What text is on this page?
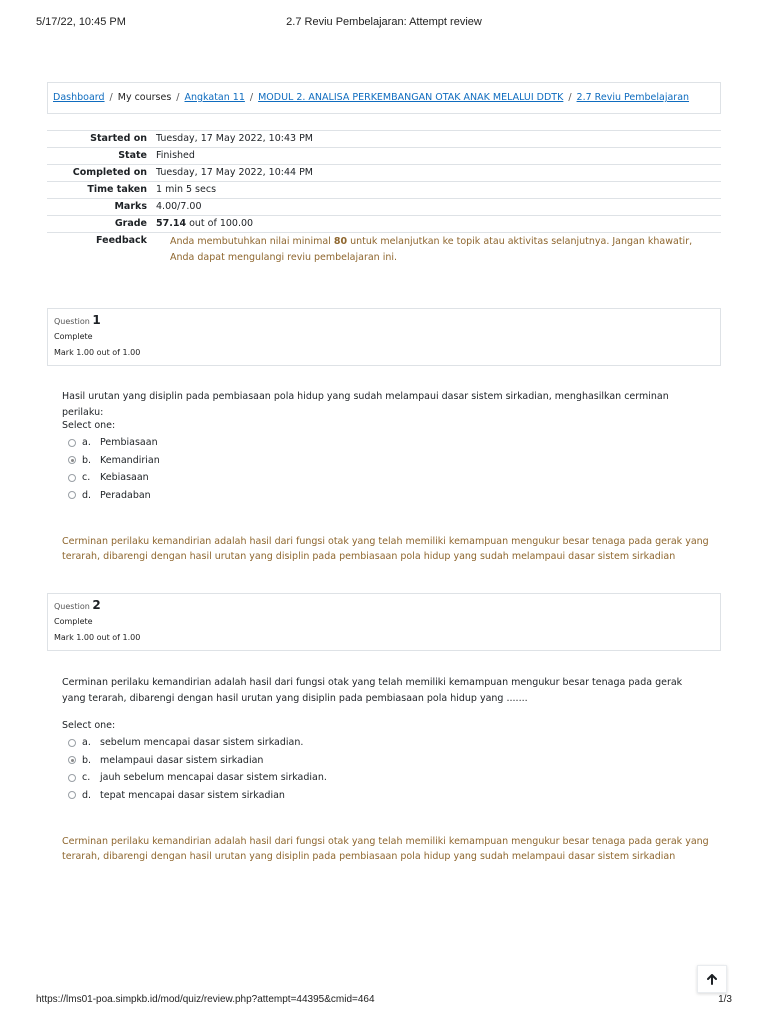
5/17/22, 10:45 PM	2.7 Reviu Pembelajaran: Attempt review
Dashboard / My courses / Angkatan 11 / MODUL 2. ANALISA PERKEMBANGAN OTAK ANAK MELALUI DDTK / 2.7 Reviu Pembelajaran
Started on	Tuesday, 17 May 2022, 10:43 PM
State	Finished
Completed on	Tuesday, 17 May 2022, 10:44 PM
Time taken	1 min 5 secs
Marks	4.00/7.00
Grade	57.14 out of 100.00
Feedback	Anda membutuhkan nilai minimal 80 untuk melanjutkan ke topik atau aktivitas selanjutnya. Jangan khawatir, Anda dapat mengulangi reviu pembelajaran ini.
Question 1
Complete
Mark 1.00 out of 1.00
Hasil urutan yang disiplin pada pembiasaan pola hidup yang sudah melampaui dasar sistem sirkadian, menghasilkan cerminan perilaku:
Select one:
a. Pembiasaan
b. Kemandirian
c.	Kebiasaan
d. Peradaban
Cerminan perilaku kemandirian adalah hasil dari fungsi otak yang telah memiliki kemampuan mengukur besar tenaga pada gerak yang terarah, dibarengi dengan hasil urutan yang disiplin pada pembiasaan pola hidup yang sudah melampaui dasar sistem sirkadian
Question 2
Complete
Mark 1.00 out of 1.00
Cerminan perilaku kemandirian adalah hasil dari fungsi otak yang telah memiliki kemampuan mengukur besar tenaga pada gerak yang terarah, dibarengi dengan hasil urutan yang disiplin pada pembiasaan pola hidup yang .......
Select one:
a. sebelum mencapai dasar sistem sirkadian.
b. melampaui dasar sistem sirkadian
c.	jauh sebelum mencapai dasar sistem sirkadian.
d. tepat mencapai dasar sistem sirkadian
Cerminan perilaku kemandirian adalah hasil dari fungsi otak yang telah memiliki kemampuan mengukur besar tenaga pada gerak yang terarah, dibarengi dengan hasil urutan yang disiplin pada pembiasaan pola hidup yang sudah melampaui dasar sistem sirkadian
https://lms01-poa.simpkb.id/mod/quiz/review.php?attempt=44395&cmid=464	1/3
